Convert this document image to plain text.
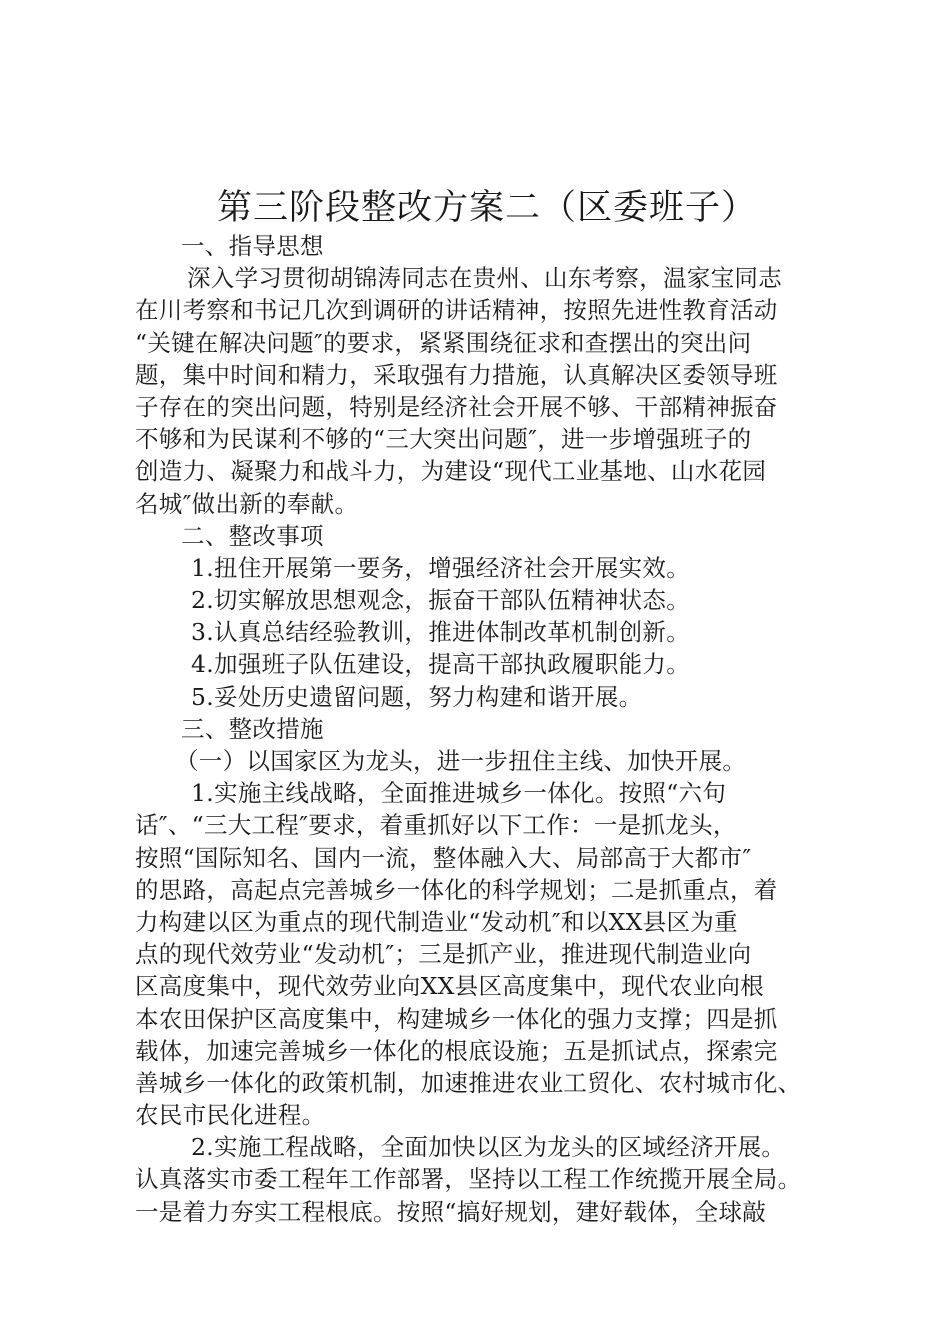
第三阶段整改方案二（区委班子）
一、指导思想
深入学习贯彻胡锦涛同志在贵州、山东考察，温家宝同志
在川考察和书记几次到调研的讲话精神，按照先进性教育活动
“关键在解决问题″的要求，紧紧围绕征求和查摆出的突出问
题，集中时间和精力，采取强有力措施，认真解决区委领导班
子存在的突出问题，特别是经济社会开展不够、干部精神振奋
不够和为民谋利不够的“三大突出问题″，进一步增强班子的
创造力、凝聚力和战斗力，为建设“现代工业基地、山水花园
名城″做出新的奉献。
二、整改事项
1.扭住开展第一要务，增强经济社会开展实效。
2.切实解放思想观念，振奋干部队伍精神状态。
3.认真总结经验教训，推进体制改革机制创新。
4.加强班子队伍建设，提高干部执政履职能力。
5.妥处历史遗留问题，努力构建和谐开展。
三、整改措施
（一）以国家区为龙头，进一步扭住主线、加快开展。
1.实施主线战略，全面推进城乡一体化。按照“六句
话″、“三大工程″要求，着重抓好以下工作：一是抓龙头，
按照“国际知名、国内一流，整体融入大、局部高于大都市″
的思路，高起点完善城乡一体化的科学规划；二是抓重点，着
力构建以区为重点的现代制造业“发动机″和以XX县区为重
点的现代效劳业“发动机″；三是抓产业，推进现代制造业向
区高度集中，现代效劳业向XX县区高度集中，现代农业向根
本农田保护区高度集中，构建城乡一体化的强力支撑；四是抓
载体，加速完善城乡一体化的根底设施；五是抓试点，探索完
善城乡一体化的政策机制，加速推进农业工贸化、农村城市化、
农民市民化进程。
2.实施工程战略，全面加快以区为龙头的区域经济开展。
认真落实市委工程年工作部署，坚持以工程工作统揽开展全局。
一是着力夯实工程根底。按照“搞好规划，建好载体，全球敲
